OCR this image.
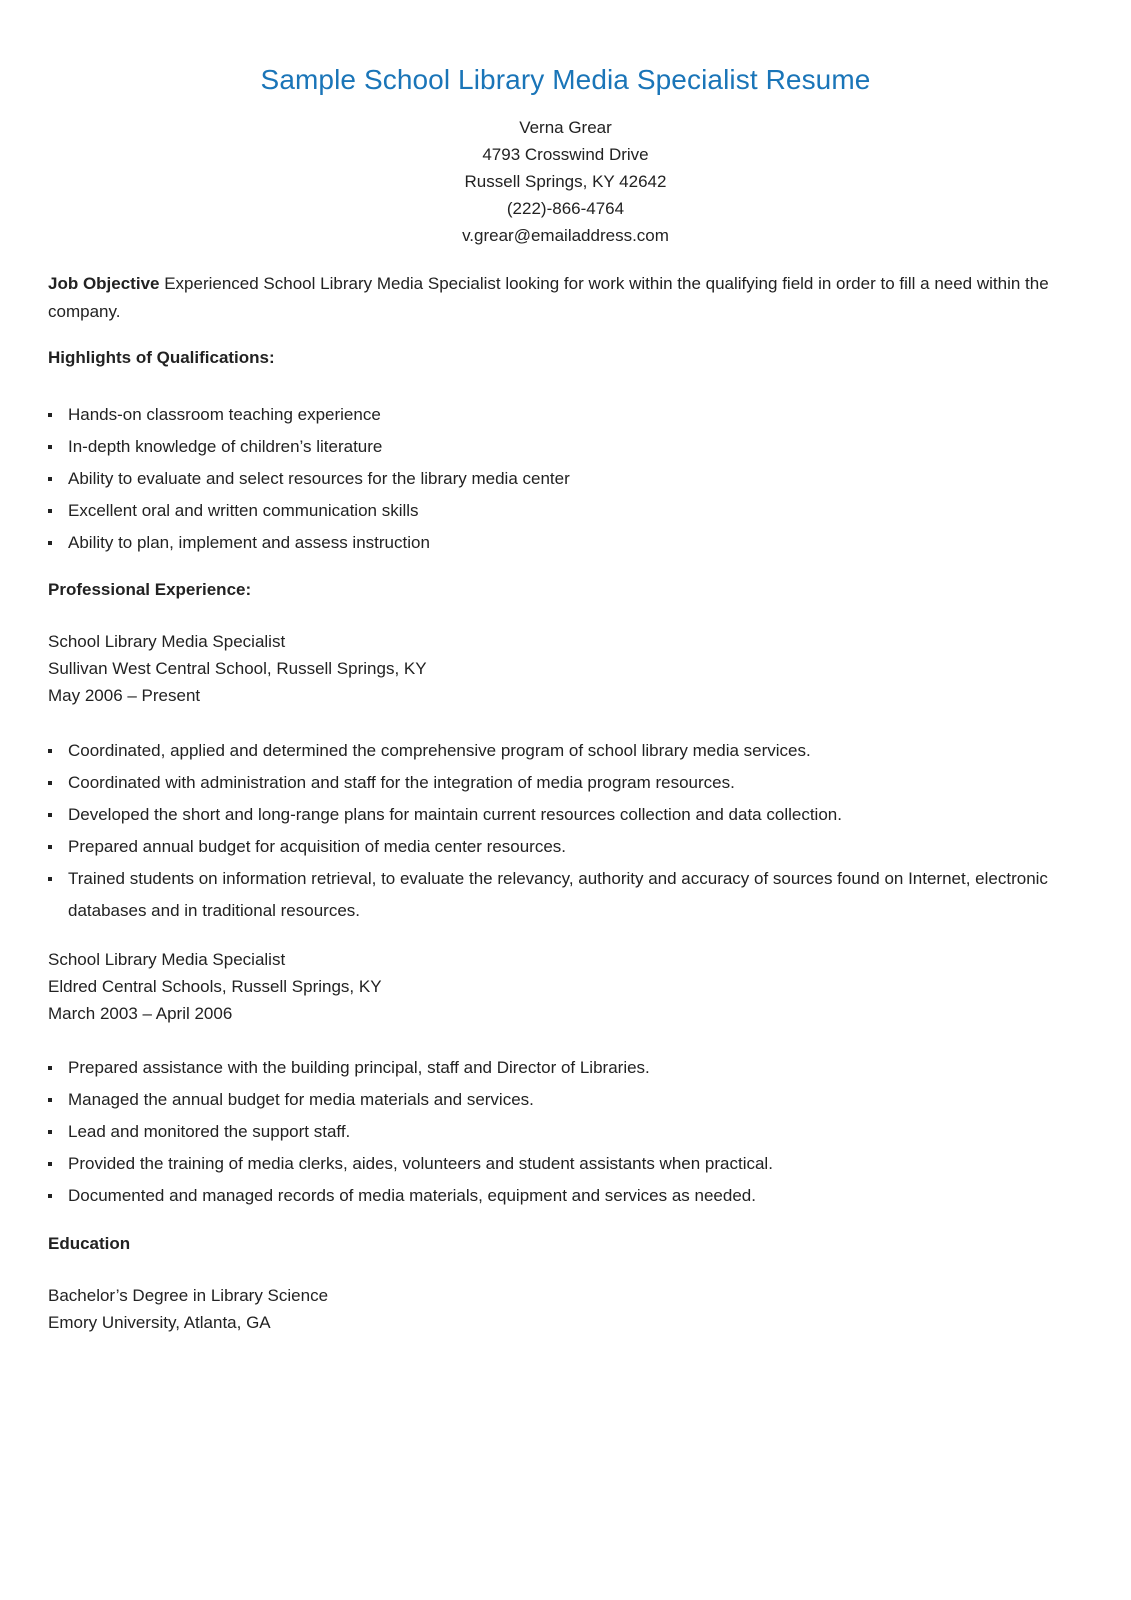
Sample School Library Media Specialist Resume
Verna Grear
4793 Crosswind Drive
Russell Springs, KY 42642
(222)-866-4764
v.grear@emailaddress.com
Job Objective Experienced School Library Media Specialist looking for work within the qualifying field in order to fill a need within the company.
Highlights of Qualifications:
Hands-on classroom teaching experience
In-depth knowledge of children’s literature
Ability to evaluate and select resources for the library media center
Excellent oral and written communication skills
Ability to plan, implement and assess instruction
Professional Experience:
School Library Media Specialist
Sullivan West Central School, Russell Springs, KY
May 2006 – Present
Coordinated, applied and determined the comprehensive program of school library media services.
Coordinated with administration and staff for the integration of media program resources.
Developed the short and long-range plans for maintain current resources collection and data collection.
Prepared annual budget for acquisition of media center resources.
Trained students on information retrieval, to evaluate the relevancy, authority and accuracy of sources found on Internet, electronic databases and in traditional resources.
School Library Media Specialist
Eldred Central Schools, Russell Springs, KY
March 2003 – April 2006
Prepared assistance with the building principal, staff and Director of Libraries.
Managed the annual budget for media materials and services.
Lead and monitored the support staff.
Provided the training of media clerks, aides, volunteers and student assistants when practical.
Documented and managed records of media materials, equipment and services as needed.
Education
Bachelor’s Degree in Library Science
Emory University, Atlanta, GA
